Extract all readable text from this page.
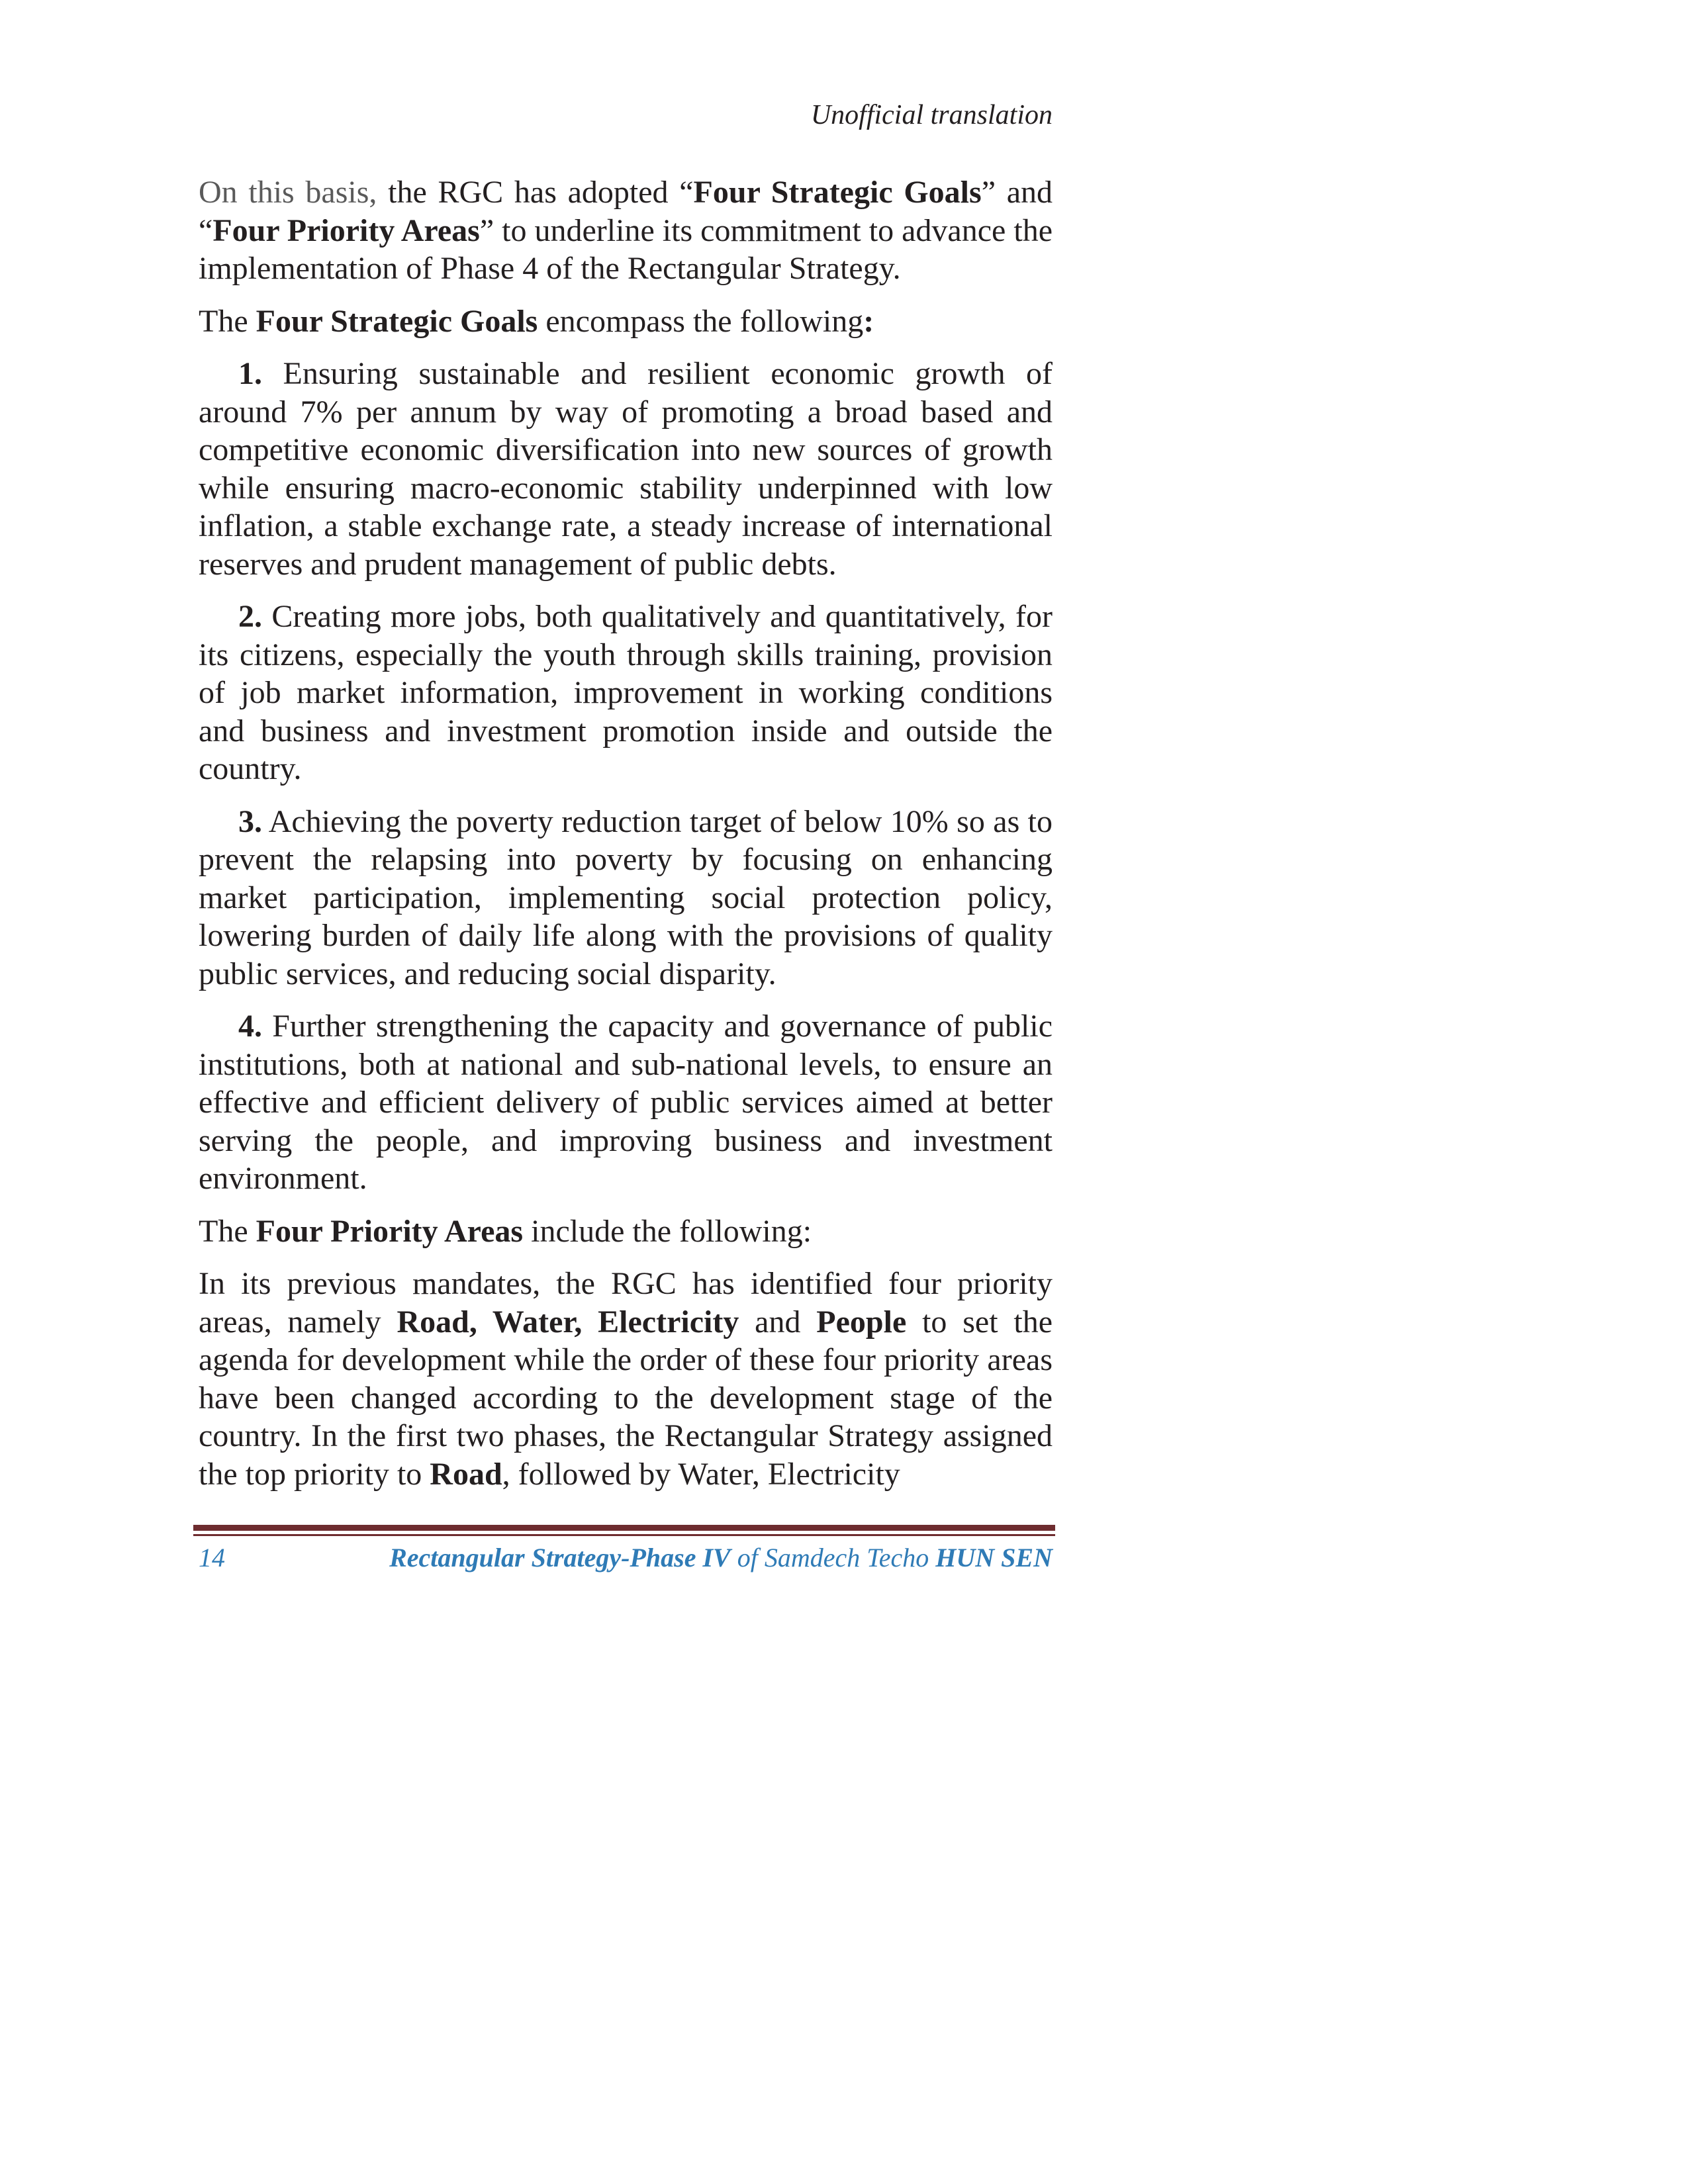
Unofficial translation

On this basis, the RGC has adopted “Four Strategic Goals” and “Four Priority Areas” to underline its commitment to advance the implementation of Phase 4 of the Rectangular Strategy.

The Four Strategic Goals encompass the following:

1. Ensuring sustainable and resilient economic growth of around 7% per annum by way of promoting a broad based and competitive economic diversification into new sources of growth while ensuring macro-economic stability underpinned with low inflation, a stable exchange rate, a steady increase of international reserves and prudent management of public debts.

2. Creating more jobs, both qualitatively and quantitatively, for its citizens, especially the youth through skills training, provision of job market information, improvement in working conditions and business and investment promotion inside and outside the country.

3. Achieving the poverty reduction target of below 10% so as to prevent the relapsing into poverty by focusing on enhancing market participation, implementing social protection policy, lowering burden of daily life along with the provisions of quality public services, and reducing social disparity.

4. Further strengthening the capacity and governance of public institutions, both at national and sub-national levels, to ensure an effective and efficient delivery of public services aimed at better serving the people, and improving business and investment environment.

The Four Priority Areas include the following:

In its previous mandates, the RGC has identified four priority areas, namely Road, Water, Electricity and People to set the agenda for development while the order of these four priority areas have been changed according to the development stage of the country. In the first two phases, the Rectangular Strategy assigned the top priority to Road, followed by Water, Electricity

14	Rectangular Strategy-Phase IV of Samdech Techo HUN SEN
